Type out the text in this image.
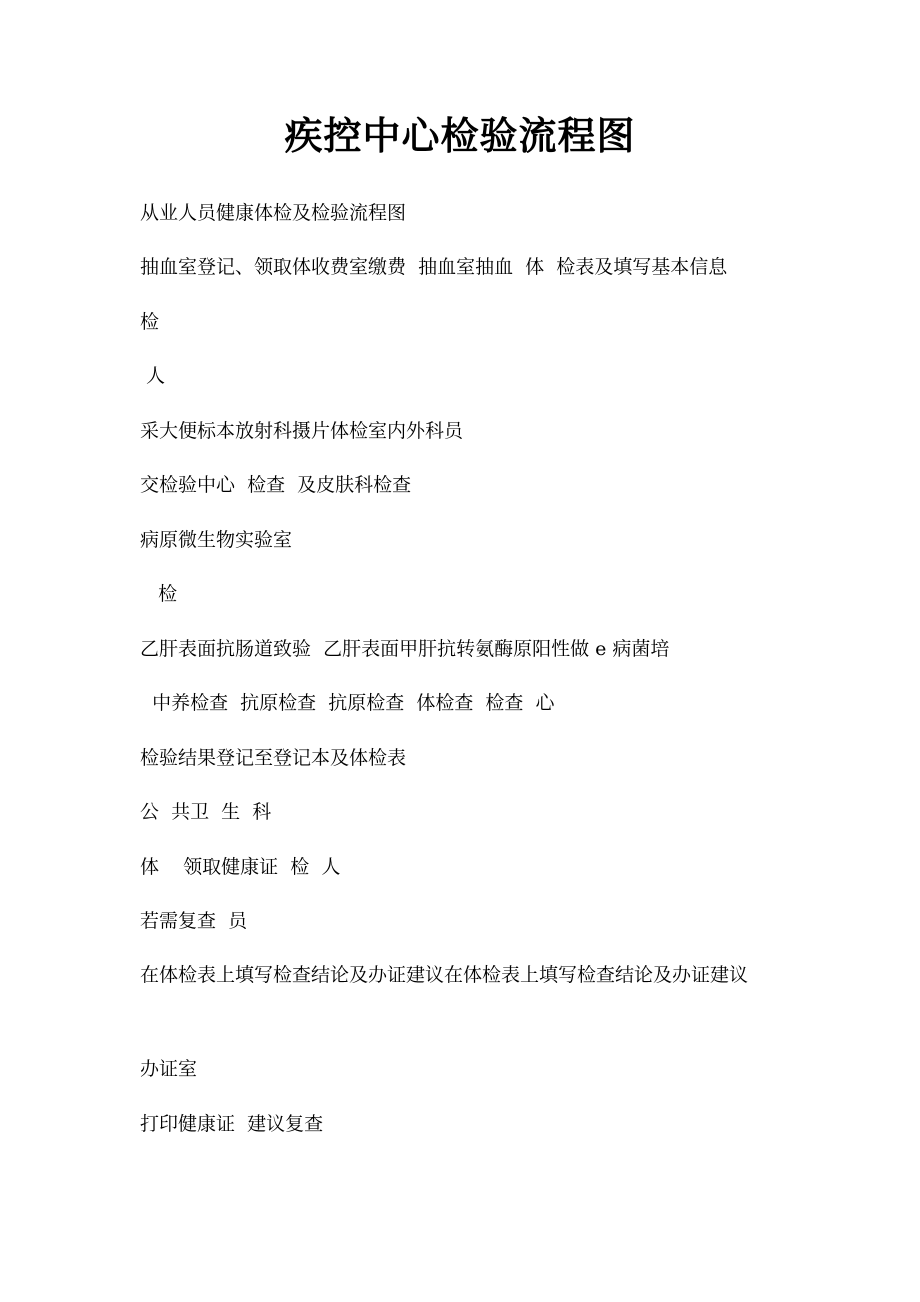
疾控中心检验流程图
从业人员健康体检及检验流程图
抽血室登记、领取体收费室缴费  抽血室抽血  体  检表及填写基本信息
检
人
采大便标本放射科摄片体检室内外科员
交检验中心  检查  及皮肤科检查
病原微生物实验室
检
乙肝表面抗肠道致验  乙肝表面甲肝抗转氨酶原阳性做 e 病菌培
中养检查  抗原检查  抗原检查  体检查  检查  心
检验结果登记至登记本及体检表
公  共卫  生  科
体    领取健康证  检  人
若需复查  员
在体检表上填写检查结论及办证建议在体检表上填写检查结论及办证建议
办证室
打印健康证  建议复查
